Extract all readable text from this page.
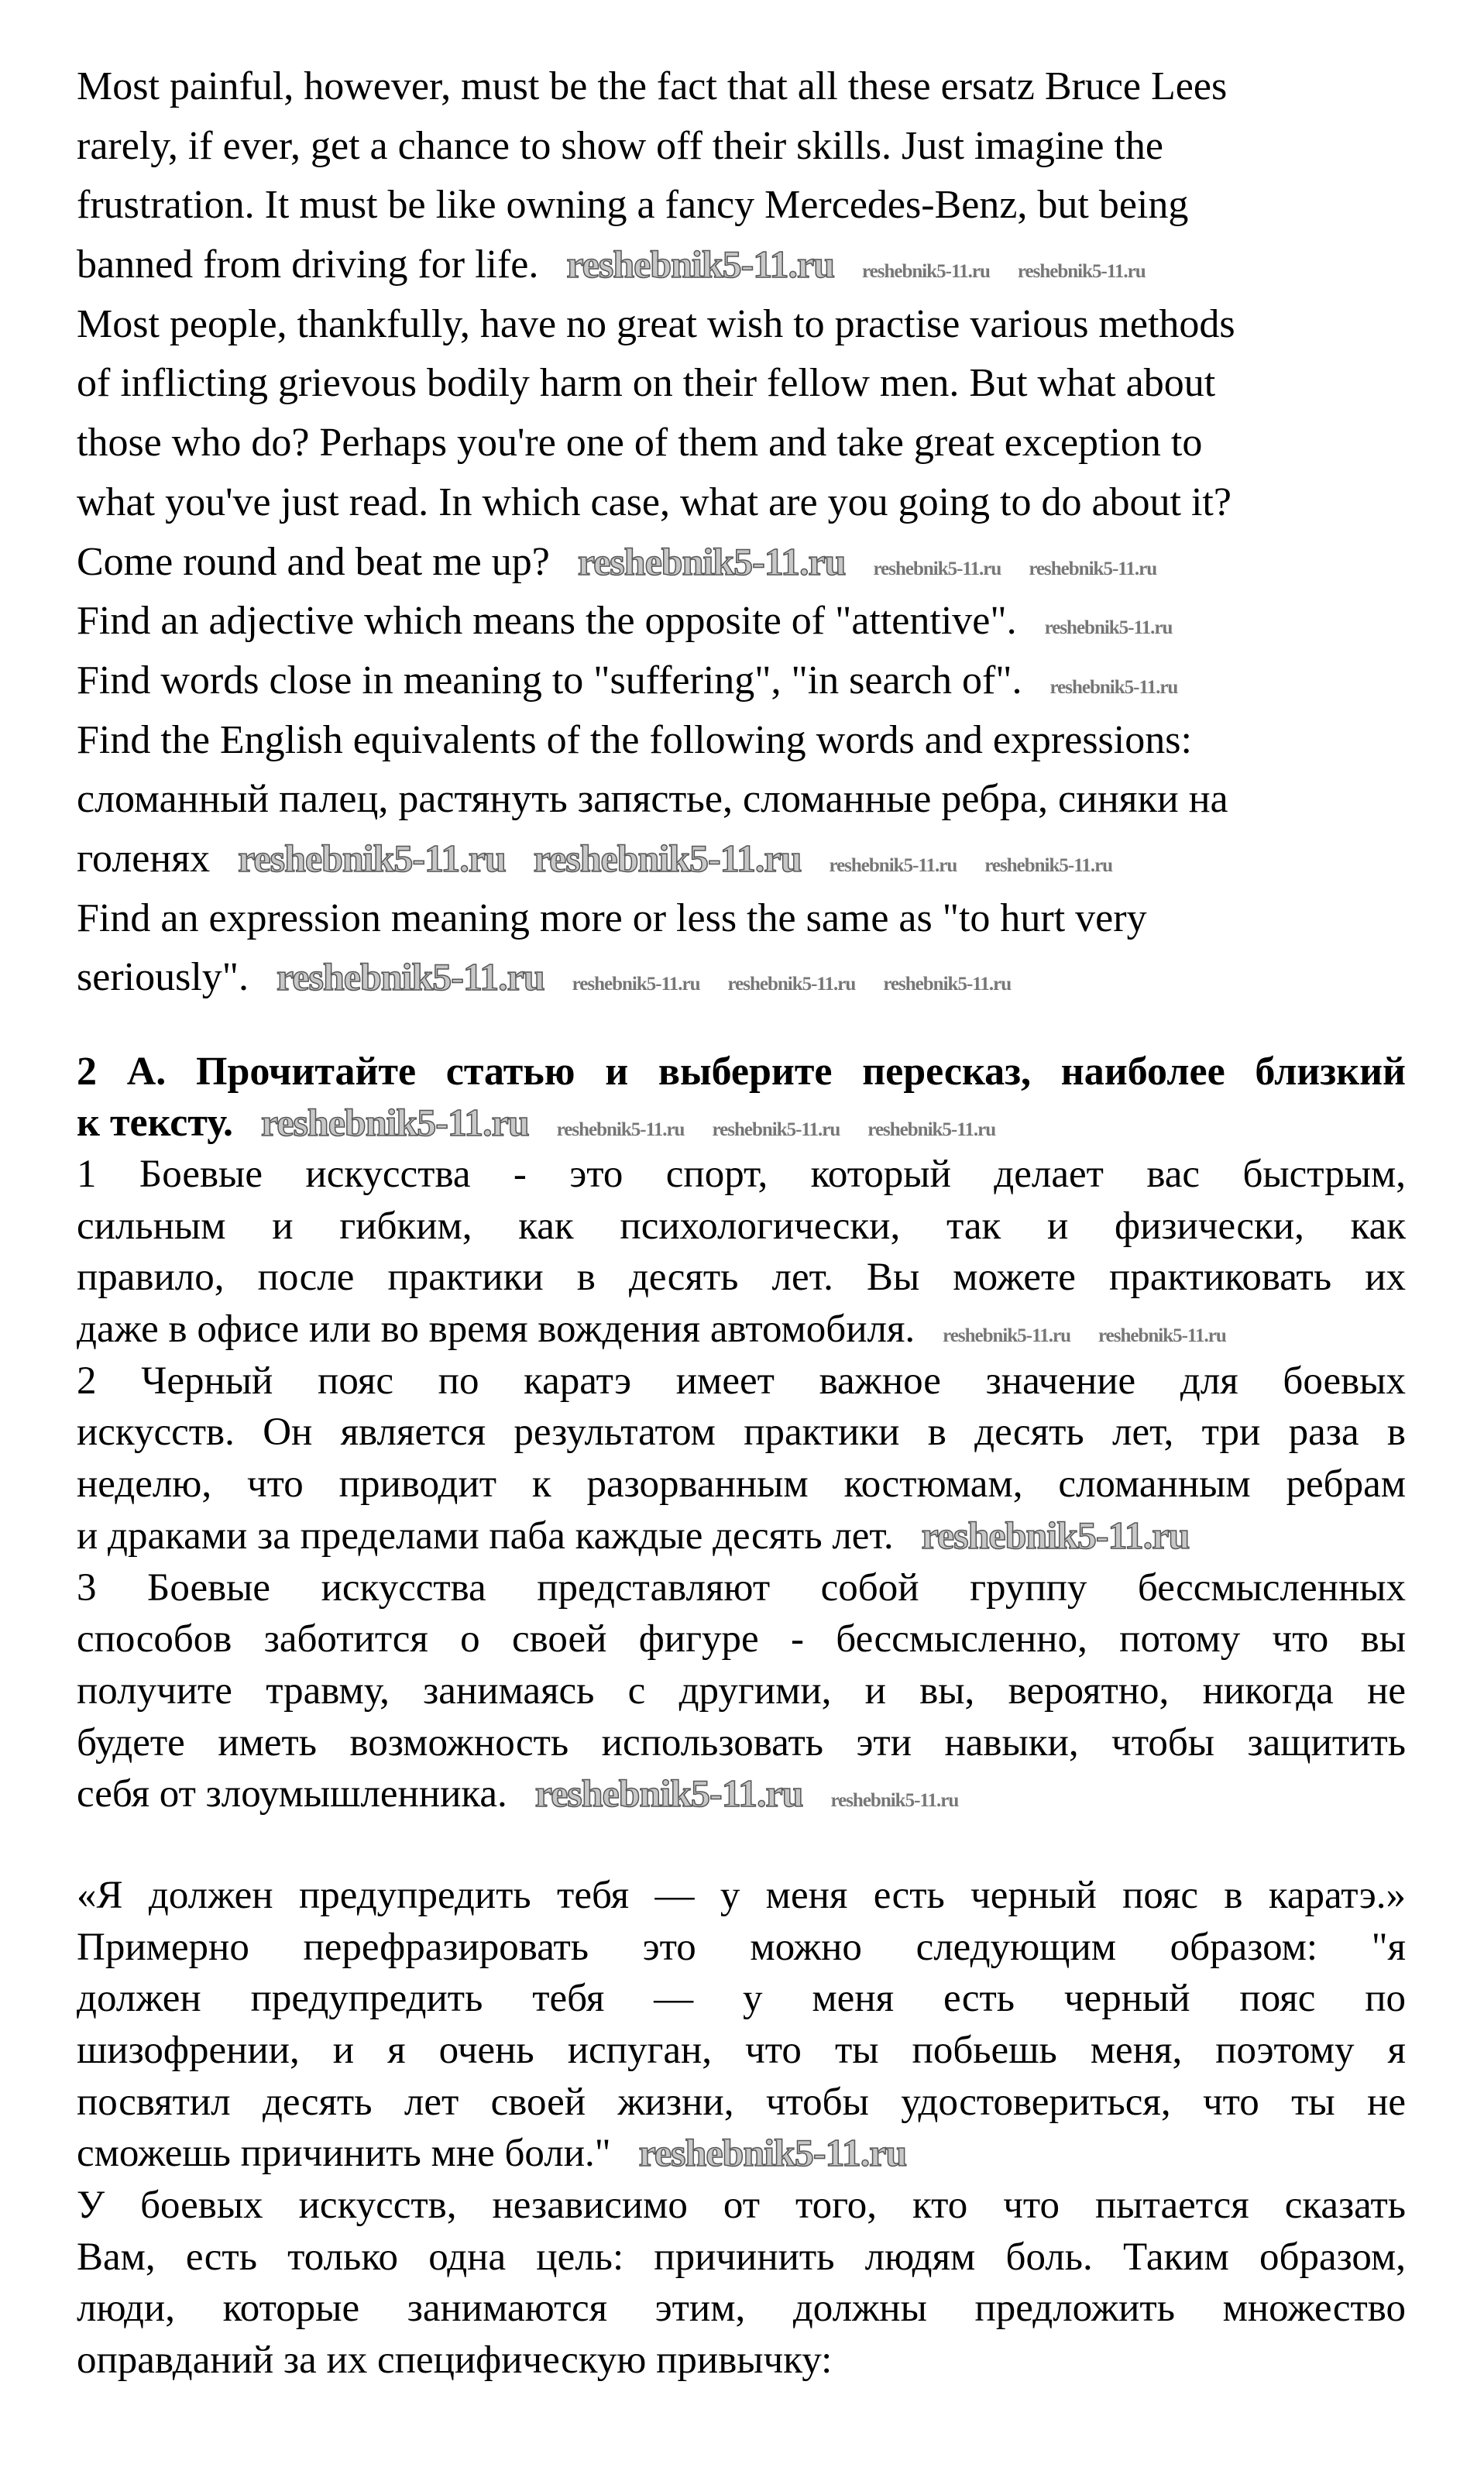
Most painful, however, must be the fact that all these ersatz Bruce Lees
rarely, if ever, get a chance to show off their skills. Just imagine the
frustration. It must be like owning a fancy Mercedes-Benz, but being
banned from driving for life. reshebnik5-11.ru reshebnik5-11.ru reshebnik5-11.ru
Most people, thankfully, have no great wish to practise various methods
of inflicting grievous bodily harm on their fellow men. But what about
those who do? Perhaps you're one of them and take great exception to
what you've just read. In which case, what are you going to do about it?
Come round and beat me up? reshebnik5-11.ru reshebnik5-11.ru reshebnik5-11.ru
Find an adjective which means the opposite of "attentive". reshebnik5-11.ru
Find words close in meaning to "suffering", "in search of". reshebnik5-11.ru
Find the English equivalents of the following words and expressions:
сломанный палец, растянуть запястье, сломанные ребра, синяки на
голенях reshebnik5-11.ru reshebnik5-11.ru reshebnik5-11.ru reshebnik5-11.ru
Find an expression meaning more or less the same as "to hurt very
seriously". reshebnik5-11.ru reshebnik5-11.ru reshebnik5-11.ru reshebnik5-11.ru
2 А. Прочитайте статью и выберите пересказ, наиболее близкий
к тексту. reshebnik5-11.ru reshebnik5-11.ru reshebnik5-11.ru reshebnik5-11.ru
1 Боевые искусства - это спорт, который делает вас быстрым,
сильным и гибким, как психологически, так и физически, как
правило, после практики в десять лет. Вы можете практиковать их
даже в офисе или во время вождения автомобиля. reshebnik5-11.ru reshebnik5-11.ru
2 Черный пояс по каратэ имеет важное значение для боевых
искусств. Он является результатом практики в десять лет, три раза в
неделю, что приводит к разорванным костюмам, сломанным ребрам
и драками за пределами паба каждые десять лет. reshebnik5-11.ru
3 Боевые искусства представляют собой группу бессмысленных
способов заботится о своей фигуре - бессмысленно, потому что вы
получите травму, занимаясь с другими, и вы, вероятно, никогда не
будете иметь возможность использовать эти навыки, чтобы защитить
себя от злоумышленника. reshebnik5-11.ru reshebnik5-11.ru
«Я должен предупредить тебя — у меня есть черный пояс в каратэ.»
Примерно перефразировать это можно следующим образом: "я
должен предупредить тебя — у меня есть черный пояс по
шизофрении, и я очень испуган, что ты побьешь меня, поэтому я
посвятил десять лет своей жизни, чтобы удостовериться, что ты не
сможешь причинить мне боли." reshebnik5-11.ru
У боевых искусств, независимо от того, кто что пытается сказать
Вам, есть только одна цель: причинить людям боль. Таким образом,
люди, которые занимаются этим, должны предложить множество
оправданий за их специфическую привычку:
